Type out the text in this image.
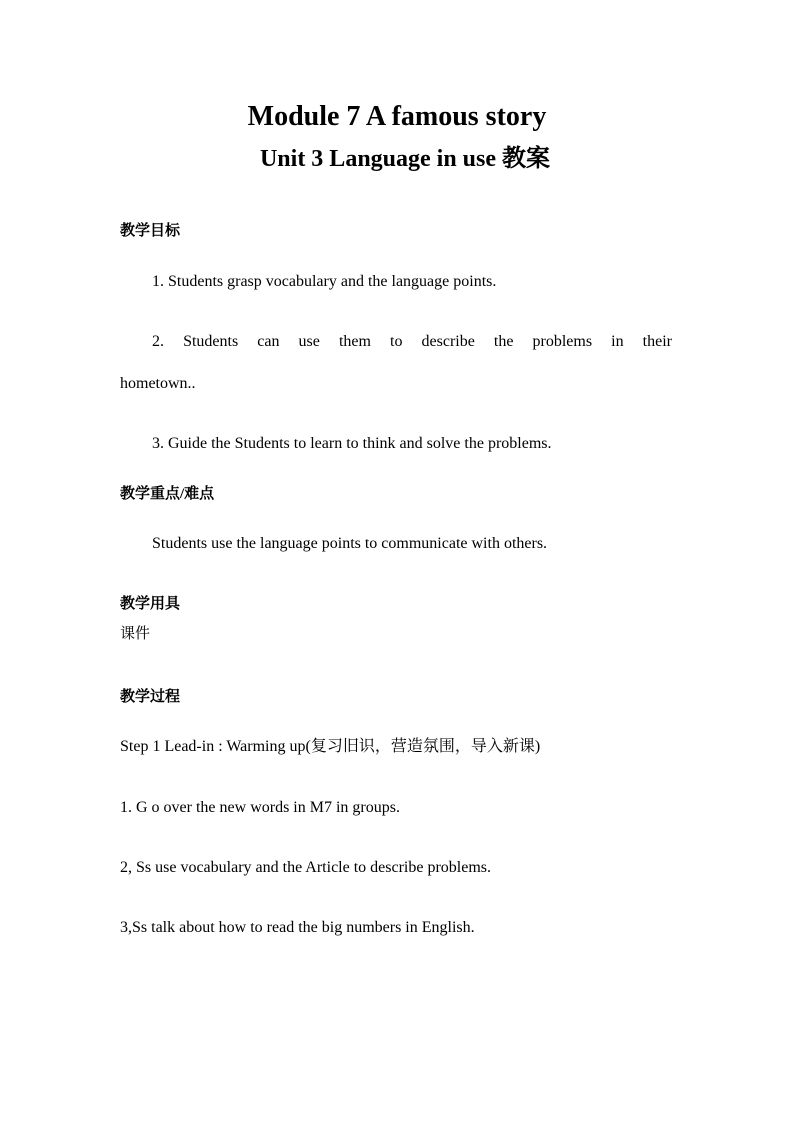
Module 7 A famous story
Unit 3 Language in use 教案
教学目标
1. Students grasp vocabulary and the language points.
2. Students can use them to describe the problems in their
hometown..
3. Guide the Students to learn to think and solve the problems.
教学重点/难点
Students use the language points to communicate with others.
教学用具
课件
教学过程
Step 1 Lead-in : Warming up(复习旧识，营造氛围，导入新课)
1. G o over the new words in M7 in groups.
2, Ss use vocabulary and the Article to describe problems.
3,Ss talk about how to read the big numbers in English.
